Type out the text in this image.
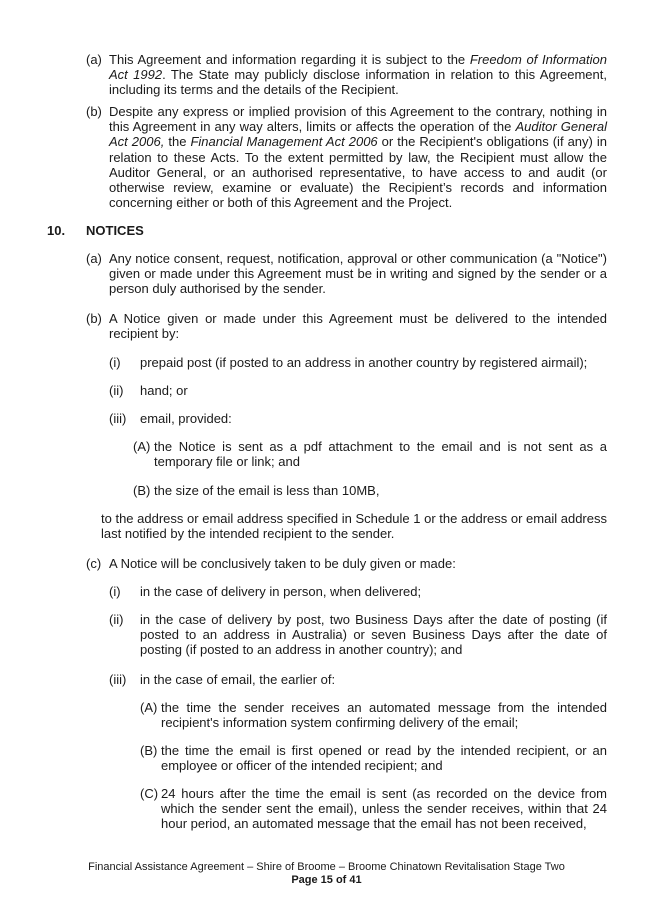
(a) This Agreement and information regarding it is subject to the Freedom of Information Act 1992. The State may publicly disclose information in relation to this Agreement, including its terms and the details of the Recipient.
(b) Despite any express or implied provision of this Agreement to the contrary, nothing in this Agreement in any way alters, limits or affects the operation of the Auditor General Act 2006, the Financial Management Act 2006 or the Recipient's obligations (if any) in relation to these Acts. To the extent permitted by law, the Recipient must allow the Auditor General, or an authorised representative, to have access to and audit (or otherwise review, examine or evaluate) the Recipient’s records and information concerning either or both of this Agreement and the Project.
10. NOTICES
(a) Any notice consent, request, notification, approval or other communication (a "Notice") given or made under this Agreement must be in writing and signed by the sender or a person duly authorised by the sender.
(b) A Notice given or made under this Agreement must be delivered to the intended recipient by:
(i) prepaid post (if posted to an address in another country by registered airmail);
(ii) hand; or
(iii) email, provided:
(A) the Notice is sent as a pdf attachment to the email and is not sent as a temporary file or link; and
(B) the size of the email is less than 10MB,
to the address or email address specified in Schedule 1 or the address or email address last notified by the intended recipient to the sender.
(c) A Notice will be conclusively taken to be duly given or made:
(i) in the case of delivery in person, when delivered;
(ii) in the case of delivery by post, two Business Days after the date of posting (if posted to an address in Australia) or seven Business Days after the date of posting (if posted to an address in another country); and
(iii) in the case of email, the earlier of:
(A) the time the sender receives an automated message from the intended recipient's information system confirming delivery of the email;
(B) the time the email is first opened or read by the intended recipient, or an employee or officer of the intended recipient; and
(C) 24 hours after the time the email is sent (as recorded on the device from which the sender sent the email), unless the sender receives, within that 24 hour period, an automated message that the email has not been received,
Financial Assistance Agreement – Shire of Broome – Broome Chinatown Revitalisation Stage Two
Page 15 of 41
